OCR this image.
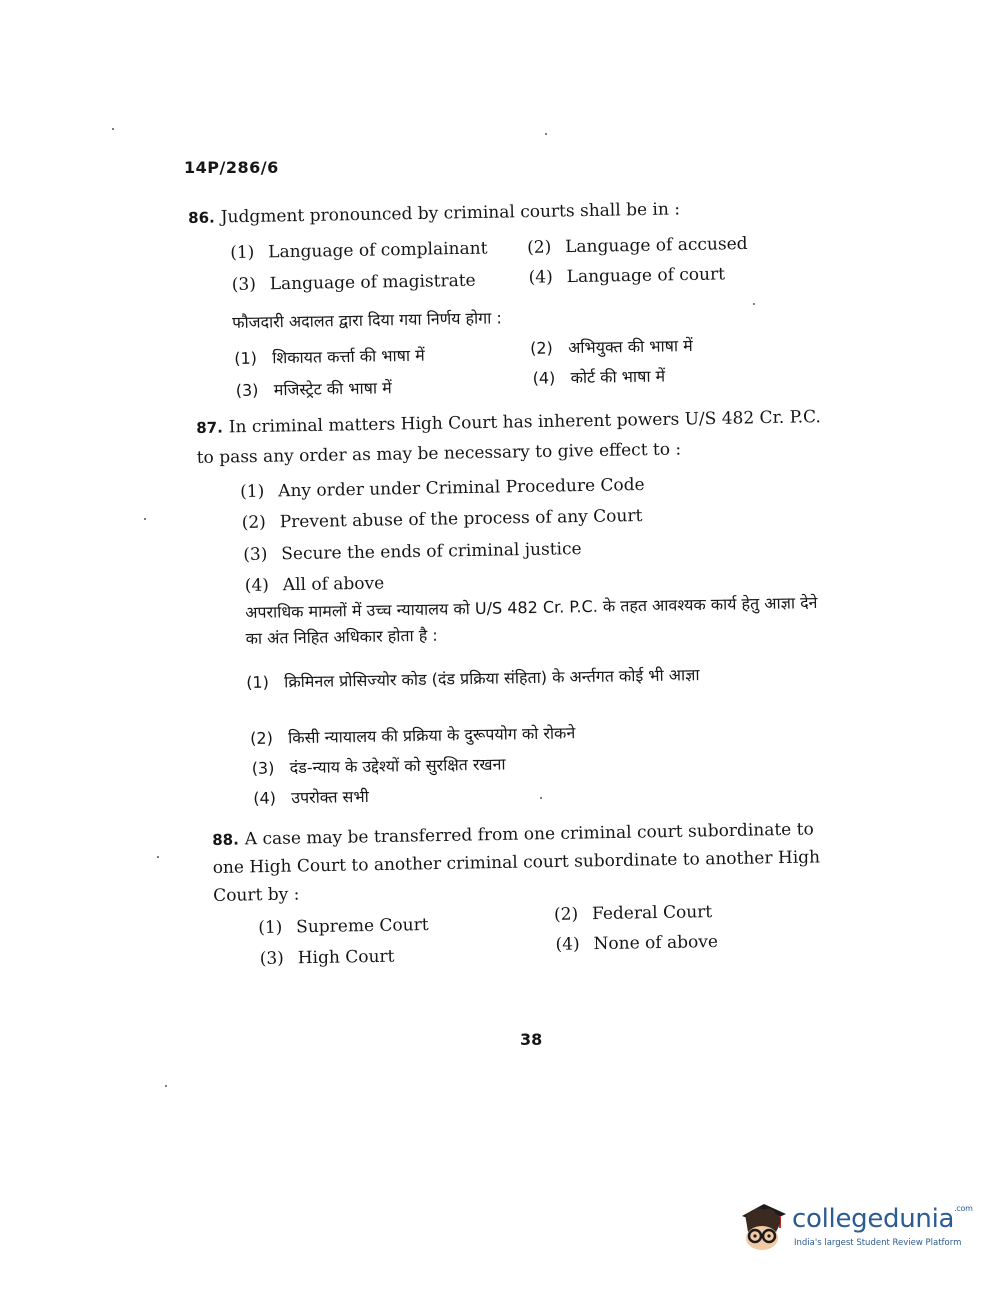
14P/286/6
86. Judgment pronounced by criminal courts shall be in :
(1) Language of complainant (2) Language of accused
(3) Language of magistrate	(4) Language of court
फौजदारी अदालत द्वारा दिया गया निर्णय होगा :
(1) शिकायत कर्त्ता की भाषा में	(2) अभियुक्त की भाषा में
(3) मजिस्ट्रेट की भाषा में
(4) कोर्ट की भाषा में
87. In criminal matters High Court has inherent powers U/S 482 Cr. P.C. to pass any order as may be necessary to give effect to :
(1) Any order under Criminal Procedure Code
(2) Prevent abuse of the process of any Court
(3) Secure the ends of criminal justice
(4) All of above
अपराधिक मामलों में उच्च न्यायालय को U/S 482 Cr. P.C. के तहत आवश्यक कार्य हेतु आज्ञा देने का अंत निहित अधिकार होता है :
(1) क्रिमिनल प्रोसिज्योर कोड (दंड प्रक्रिया संहिता) के अर्न्तगत कोई भी आज्ञा
(2) किसी न्यायालय की प्रक्रिया के दुरूपयोग को रोकने
(3) दंड-न्याय के उद्देश्यों को सुरक्षित रखना
(4) उपरोक्त सभी
88. A case may be transferred from one criminal court subordinate to one High Court to another criminal court subordinate to another High Court by :
(1) Supreme Court
(2) Federal Court
(3) High Court
(4) None of above
38
collegedunia$^{.com}$
India's largest Student Review Platform
